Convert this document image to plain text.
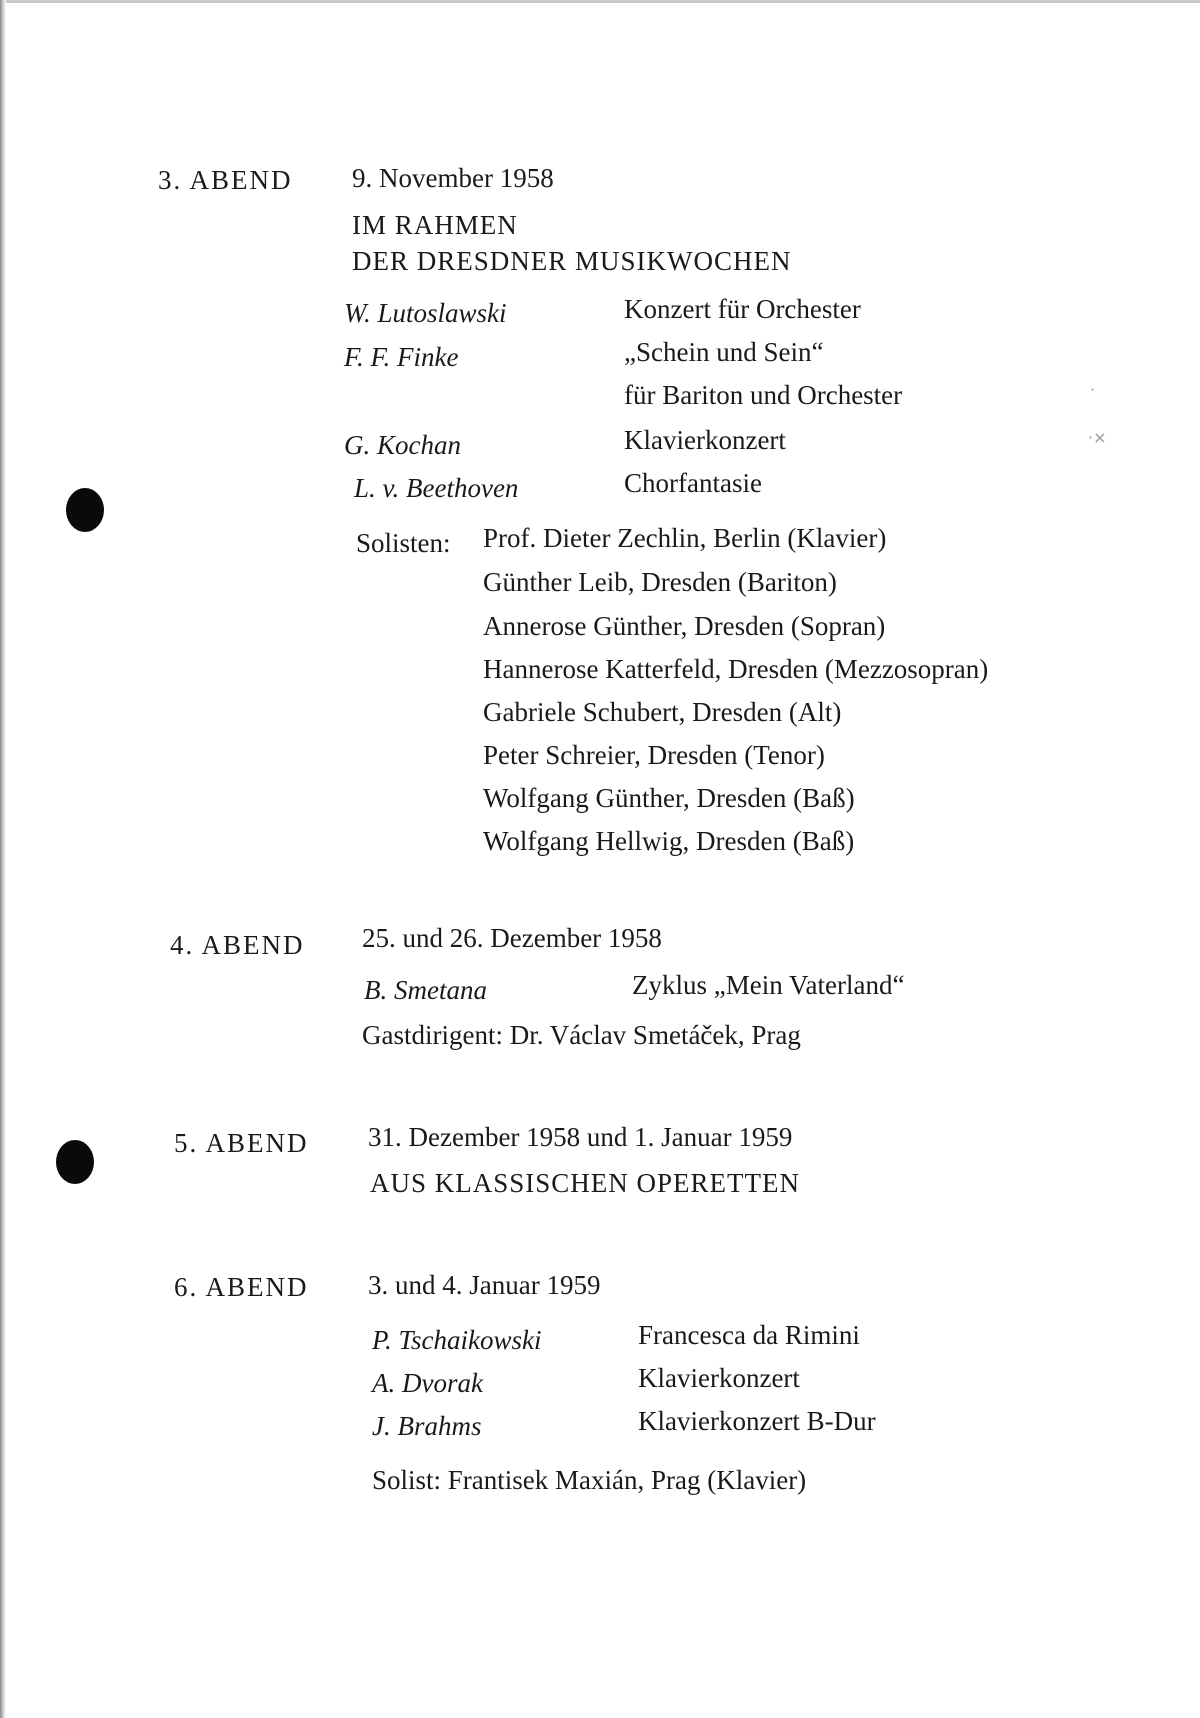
·
·×
3. ABEND 9. November 1958
IM RAHMEN
DER DRESDNER MUSIKWOCHEN
W. Lutoslawski	Konzert für Orchester
F. F. Finke	„Schein und Sein“
für Bariton und Orchester
G. Kochan	Klavierkonzert
L. v. Beethoven	Chorfantasie
Solisten: Prof. Dieter Zechlin, Berlin (Klavier)
Günther Leib, Dresden (Bariton)
Annerose Günther, Dresden (Sopran)
Hannerose Katterfeld, Dresden (Mezzosopran)
Gabriele Schubert, Dresden (Alt)
Peter Schreier, Dresden (Tenor)
Wolfgang Günther, Dresden (Baß)
Wolfgang Hellwig, Dresden (Baß)
4. ABEND 25. und 26. Dezember 1958
B. Smetana	Zyklus „Mein Vaterland“
Gastdirigent: Dr. Václav Smetáček, Prag
5. ABEND 31. Dezember 1958 und 1. Januar 1959
AUS KLASSISCHEN OPERETTEN
6. ABEND 3. und 4. Januar 1959
P. Tschaikowski	Francesca da Rimini
A. Dvorak	Klavierkonzert
J. Brahms	Klavierkonzert B-Dur
Solist: Frantisek Maxián, Prag (Klavier)
